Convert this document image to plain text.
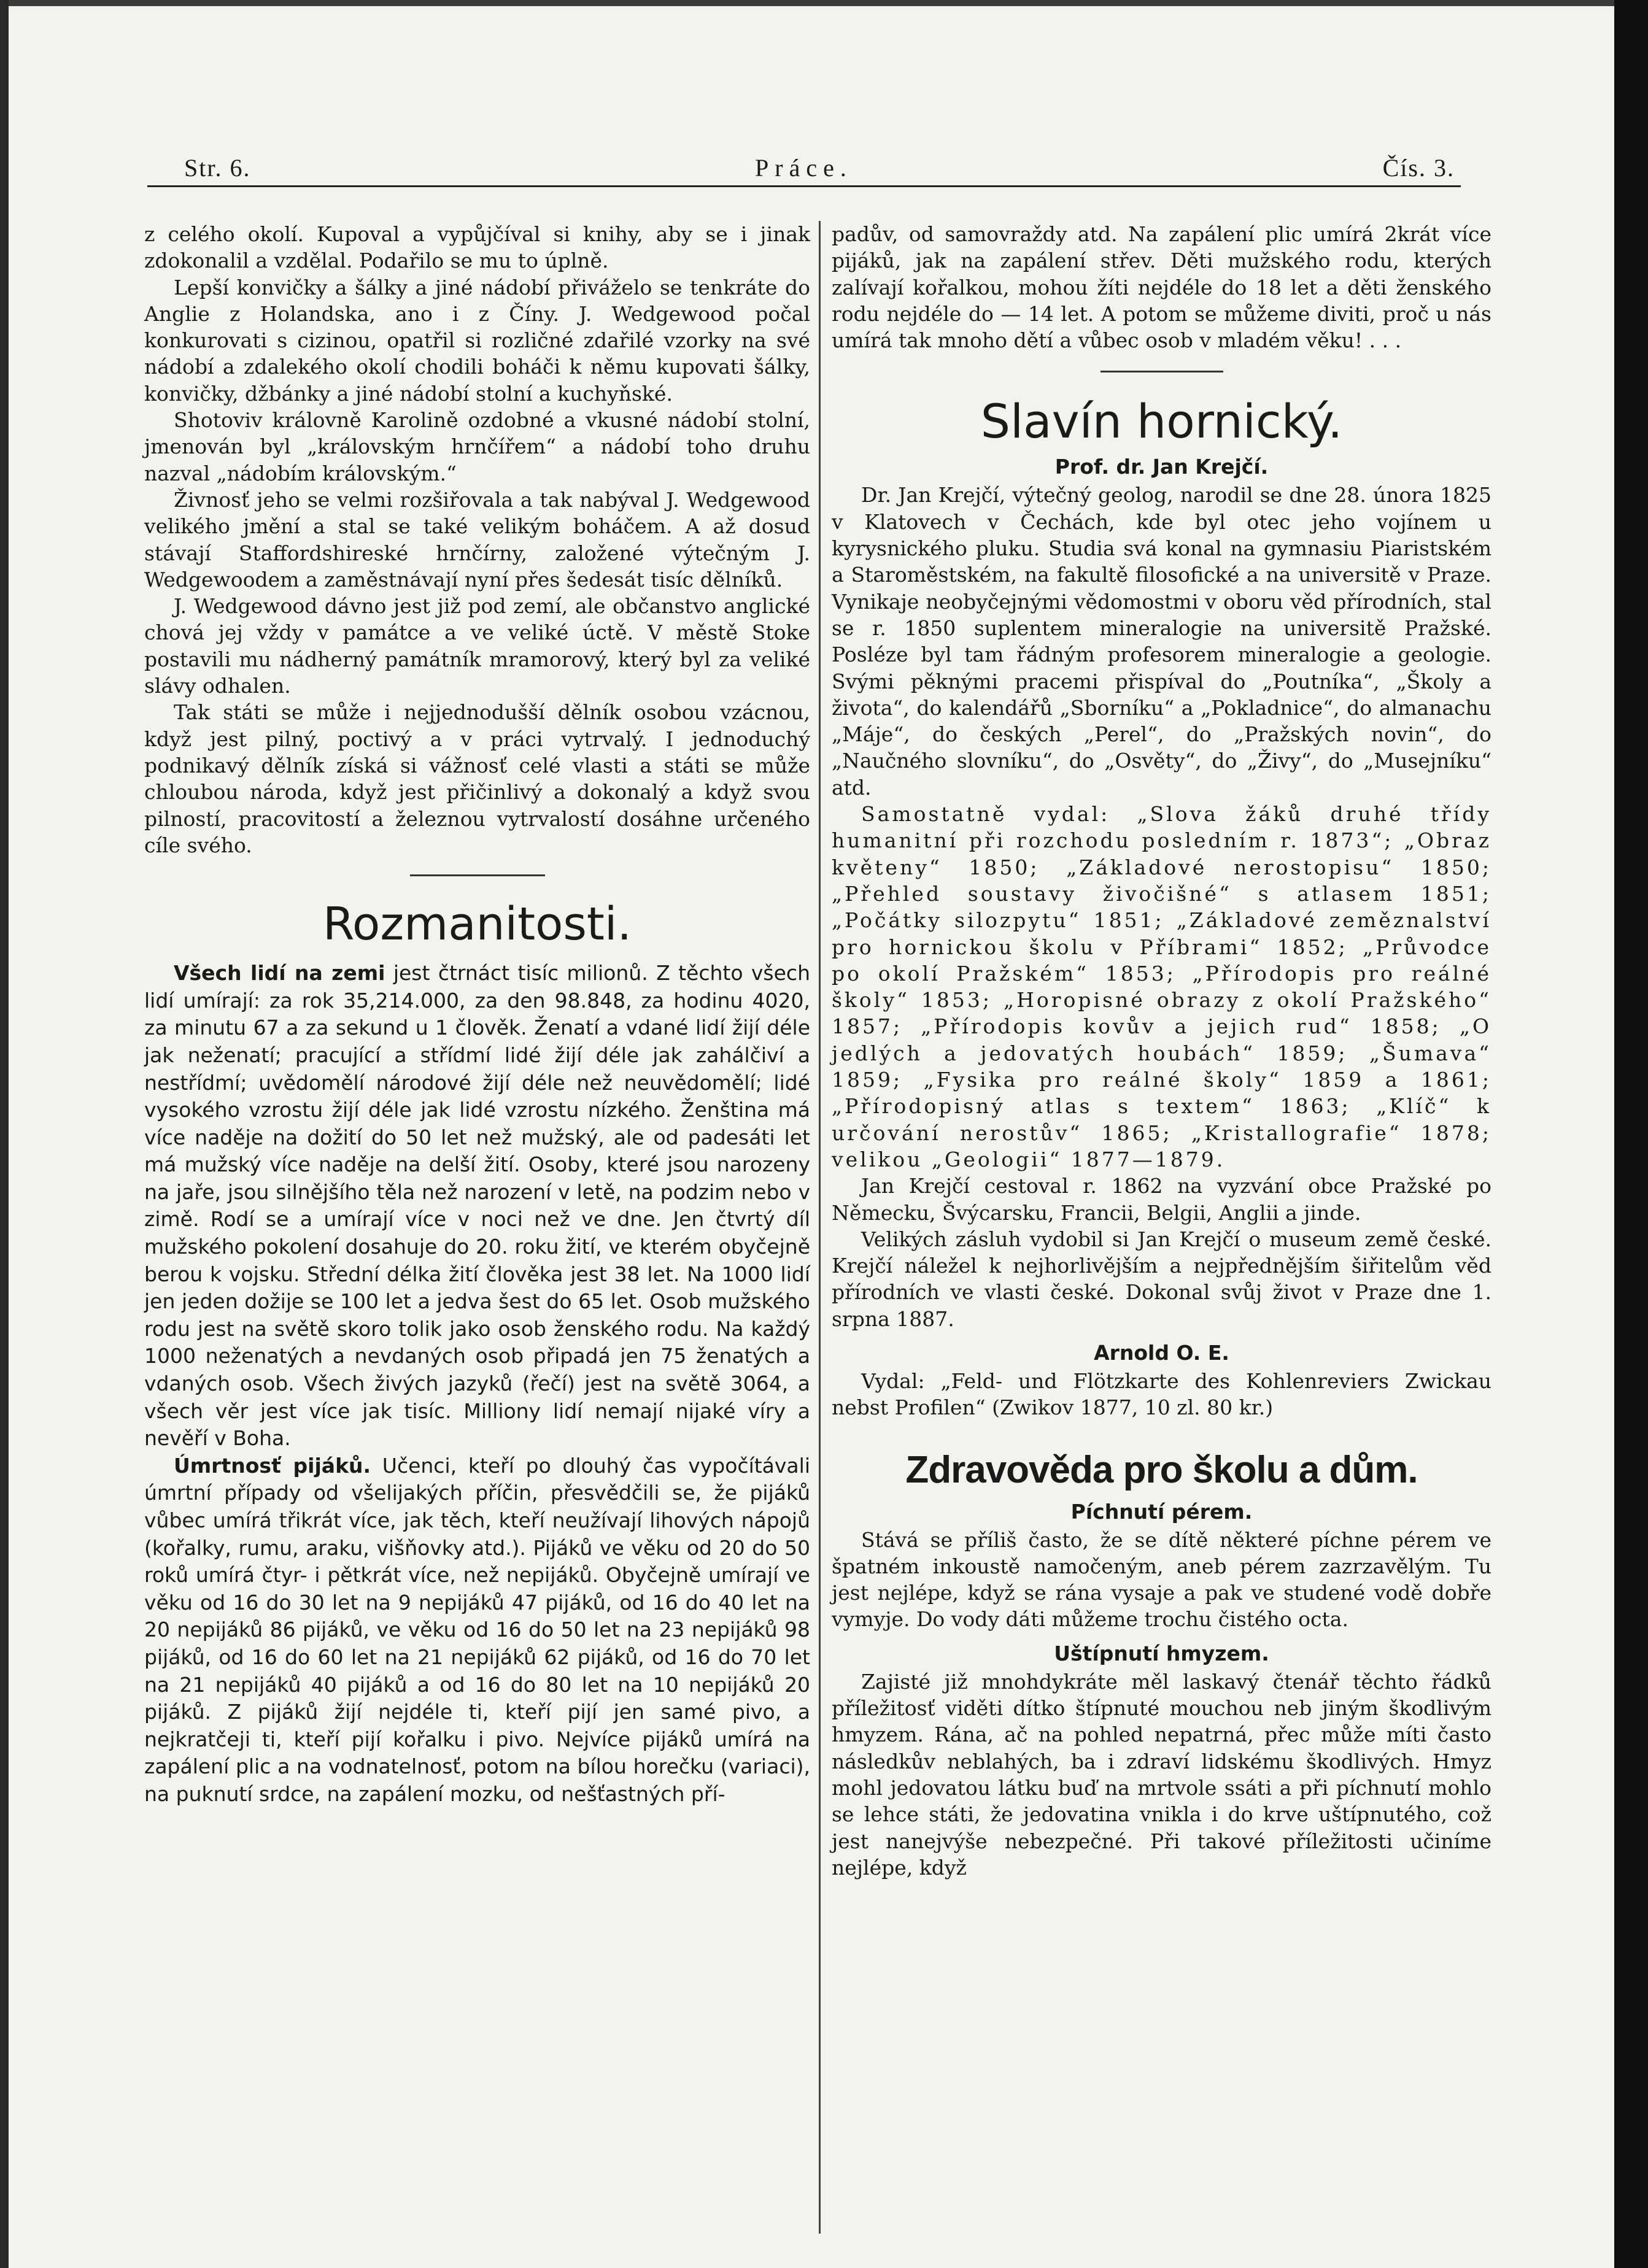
Str. 6.	Práce.	Čís. 3.

z celého okolí. Kupoval a vypůjčíval si knihy, aby se i jinak zdokonalil a vzdělal. Podařilo se mu to úplně.

Lepší konvičky a šálky a jiné nádobí přiváželo se tenkráte do Anglie z Holandska, ano i z Číny. J. Wedgewood počal konkurovati s cizinou, opatřil si rozličné zdařilé vzorky na své nádobí a zdalekého okolí chodili boháči k němu kupovati šálky, konvičky, džbánky a jiné nádobí stolní a kuchyňské.

Shotoviv královně Karolině ozdobné a vkusné nádobí stolní, jmenován byl „královským hrnčířem“ a nádobí toho druhu nazval „nádobím královským.“

Živnosť jeho se velmi rozšiřovala a tak nabýval J. Wedgewood velikého jmění a stal se také velikým boháčem. A až dosud stávají Staffordshireské hrnčírny, založené výtečným J. Wedgewoodem a zaměstnávají nyní přes šedesát tisíc dělníků.

J. Wedgewood dávno jest již pod zemí, ale občanstvo anglické chová jej vždy v památce a ve veliké úctě. V městě Stoke postavili mu nádherný památník mramorový, který byl za veliké slávy odhalen.

Tak státi se může i nejjednodušší dělník osobou vzácnou, když jest pilný, poctivý a v práci vytrvalý. I jednoduchý podnikavý dělník získá si vážnosť celé vlasti a státi se může chloubou národa, když jest přičinlivý a dokonalý a když svou pilností, pracovitostí a železnou vytrvalostí dosáhne určeného cíle svého.

Rozmanitosti.

Všech lidí na zemi jest čtrnáct tisíc milionů. Z těchto všech lidí umírají: za rok 35,214.000, za den 98.848, za hodinu 4020, za minutu 67 a za sekund u 1 člověk. Ženatí a vdané lidí žijí déle jak neženatí; pracující a střídmí lidé žijí déle jak zahálčiví a nestřídmí; uvědomělí národové žijí déle než neuvědomělí; lidé vysokého vzrostu žijí déle jak lidé vzrostu nízkého. Ženština má více naděje na dožití do 50 let než mužský, ale od padesáti let má mužský více naděje na delší žití. Osoby, které jsou narozeny na jaře, jsou silnějšího těla než narození v letě, na podzim nebo v zimě. Rodí se a umírají více v noci než ve dne. Jen čtvrtý díl mužského pokolení dosahuje do 20. roku žití, ve kterém obyčejně berou k vojsku. Střední délka žití člověka jest 38 let. Na 1000 lidí jen jeden dožije se 100 let a jedva šest do 65 let. Osob mužského rodu jest na světě skoro tolik jako osob ženského rodu. Na každý 1000 neženatých a nevdaných osob připadá jen 75 ženatých a vdaných osob. Všech živých jazyků (řečí) jest na světě 3064, a všech věr jest více jak tisíc. Milliony lidí nemají nijaké víry a nevěří v Boha.

Úmrtnosť pijáků. Učenci, kteří po dlouhý čas vypočítávali úmrtní případy od všelijakých příčin, přesvědčili se, že pijáků vůbec umírá třikrát více, jak těch, kteří neužívají lihových nápojů (kořalky, rumu, araku, višňovky atd.). Pijáků ve věku od 20 do 50 roků umírá čtyr- i pětkrát více, než nepijáků. Obyčejně umírají ve věku od 16 do 30 let na 9 nepijáků 47 pijáků, od 16 do 40 let na 20 nepijáků 86 pijáků, ve věku od 16 do 50 let na 23 nepijáků 98 pijáků, od 16 do 60 let na 21 nepijáků 62 pijáků, od 16 do 70 let na 21 nepijáků 40 pijáků a od 16 do 80 let na 10 nepijáků 20 pijáků. Z pijáků žijí nejdéle ti, kteří pijí jen samé pivo, a nejkratčeji ti, kteří pijí kořalku i pivo. Nejvíce pijáků umírá na zapálení plic a na vodnatelnosť, potom na bílou horečku (variaci), na puknutí srdce, na zapálení mozku, od nešťastných pří-

padův, od samovraždy atd. Na zapálení plic umírá 2krát více pijáků, jak na zapálení střev. Děti mužského rodu, kterých zalívají kořalkou, mohou žíti nejdéle do 18 let a děti ženského rodu nejdéle do — 14 let. A potom se můžeme diviti, proč u nás umírá tak mnoho dětí a vůbec osob v mladém věku! . . .

Slavín hornický.
Prof. dr. Jan Krejčí.

Dr. Jan Krejčí, výtečný geolog, narodil se dne 28. února 1825 v Klatovech v Čechách, kde byl otec jeho vojínem u kyrysnického pluku. Studia svá konal na gymnasiu Piaristském a Staroměstském, na fakultě filosofické a na universitě v Praze. Vynikaje neobyčejnými vědomostmi v oboru věd přírodních, stal se r. 1850 suplentem mineralogie na universitě Pražské. Posléze byl tam řádným profesorem mineralogie a geologie. Svými pěknými pracemi přispíval do „Poutníka“, „Školy a života“, do kalendářů „Sborníku“ a „Pokladnice“, do almanachu „Máje“, do českých „Perel“, do „Pražských novin“, do „Naučného slovníku“, do „Osvěty“, do „Živy“, do „Musejníku“ atd.

Samostatně vydal: „Slova žáků druhé třídy humanitní při rozchodu posledním r. 1873“; „Obraz květeny“ 1850; „Základové nerostopisu“ 1850; „Přehled soustavy živočišné“ s atlasem 1851; „Počátky silozpytu“ 1851; „Základové zeměznalství pro hornickou školu v Příbrami“ 1852; „Průvodce po okolí Pražském“ 1853; „Přírodopis pro reálné školy“ 1853; „Horopisné obrazy z okolí Pražského“ 1857; „Přírodopis kovův a jejich rud“ 1858; „O jedlých a jedovatých houbách“ 1859; „Šumava“ 1859; „Fysika pro reálné školy“ 1859 a 1861; „Přírodopisný atlas s textem“ 1863; „Klíč“ k určování nerostův“ 1865; „Kristallografie“ 1878; velikou „Geologii“ 1877—1879.

Jan Krejčí cestoval r. 1862 na vyzvání obce Pražské po Německu, Švýcarsku, Francii, Belgii, Anglii a jinde.

Velikých zásluh vydobil si Jan Krejčí o museum země české. Krejčí náležel k nejhorlivějším a nejpřednějším šiřitelům věd přírodních ve vlasti české. Dokonal svůj život v Praze dne 1. srpna 1887.

Arnold O. E.

Vydal: „Feld- und Flötzkarte des Kohlenreviers Zwickau nebst Profilen“ (Zwikov 1877, 10 zl. 80 kr.)

Zdravověda pro školu a dům.
Píchnutí pérem.

Stává se příliš často, že se dítě některé píchne pérem ve špatném inkoustě namočeným, aneb pérem zazrzavělým. Tu jest nejlépe, když se rána vysaje a pak ve studené vodě dobře vymyje. Do vody dáti můžeme trochu čistého octa.

Uštípnutí hmyzem.

Zajisté již mnohdykráte měl laskavý čtenář těchto řádků příležitosť viděti dítko štípnuté mouchou neb jiným škodlivým hmyzem. Rána, ač na pohled nepatrná, přec může míti často následkův neblahých, ba i zdraví lidskému škodlivých. Hmyz mohl jedovatou látku buď na mrtvole ssáti a při píchnutí mohlo se lehce státi, že jedovatina vnikla i do krve uštípnutého, což jest nanejvýše nebezpečné. Při takové příležitosti učiníme nejlépe, když
